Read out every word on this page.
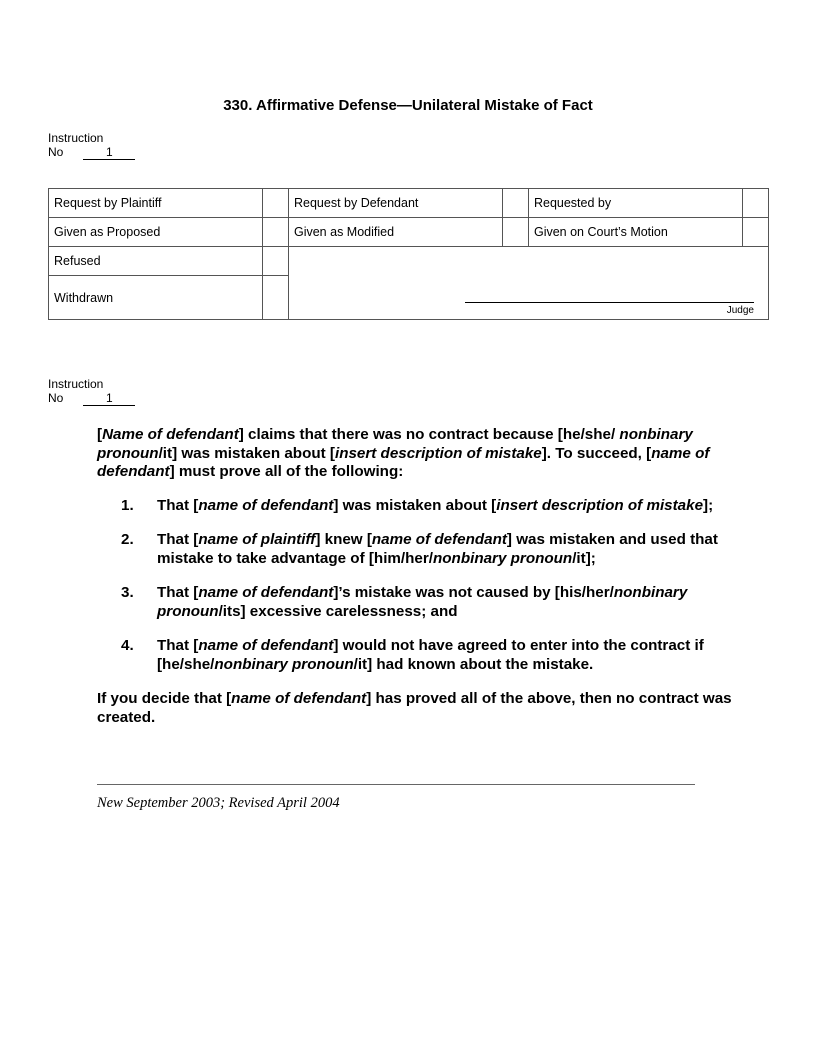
330. Affirmative Defense—Unilateral Mistake of Fact
Instruction
No	1
Request by Plaintiff		Request by Defendant		Requested by	
Given as Proposed		Given as Modified		Given on Court’s Motion	
Refused		Judge			

Withdrawn					
Instruction
No	1

[Name of defendant] claims that there was no contract because [he/she/ nonbinary pronoun/it] was mistaken about [insert description of mistake]. To succeed, [name of defendant] must prove all of the following:

1. That [name of defendant] was mistaken about [insert description of mistake];
2. That [name of plaintiff] knew [name of defendant] was mistaken and used that mistake to take advantage of [him/her/nonbinary pronoun/it];
3. That [name of defendant]’s mistake was not caused by [his/her/nonbinary pronoun/its] excessive carelessness; and
4. That [name of defendant] would not have agreed to enter into the contract if [he/she/nonbinary pronoun/it] had known about the mistake.

If you decide that [name of defendant] has proved all of the above, then no contract was created.

New September 2003; Revised April 2004
